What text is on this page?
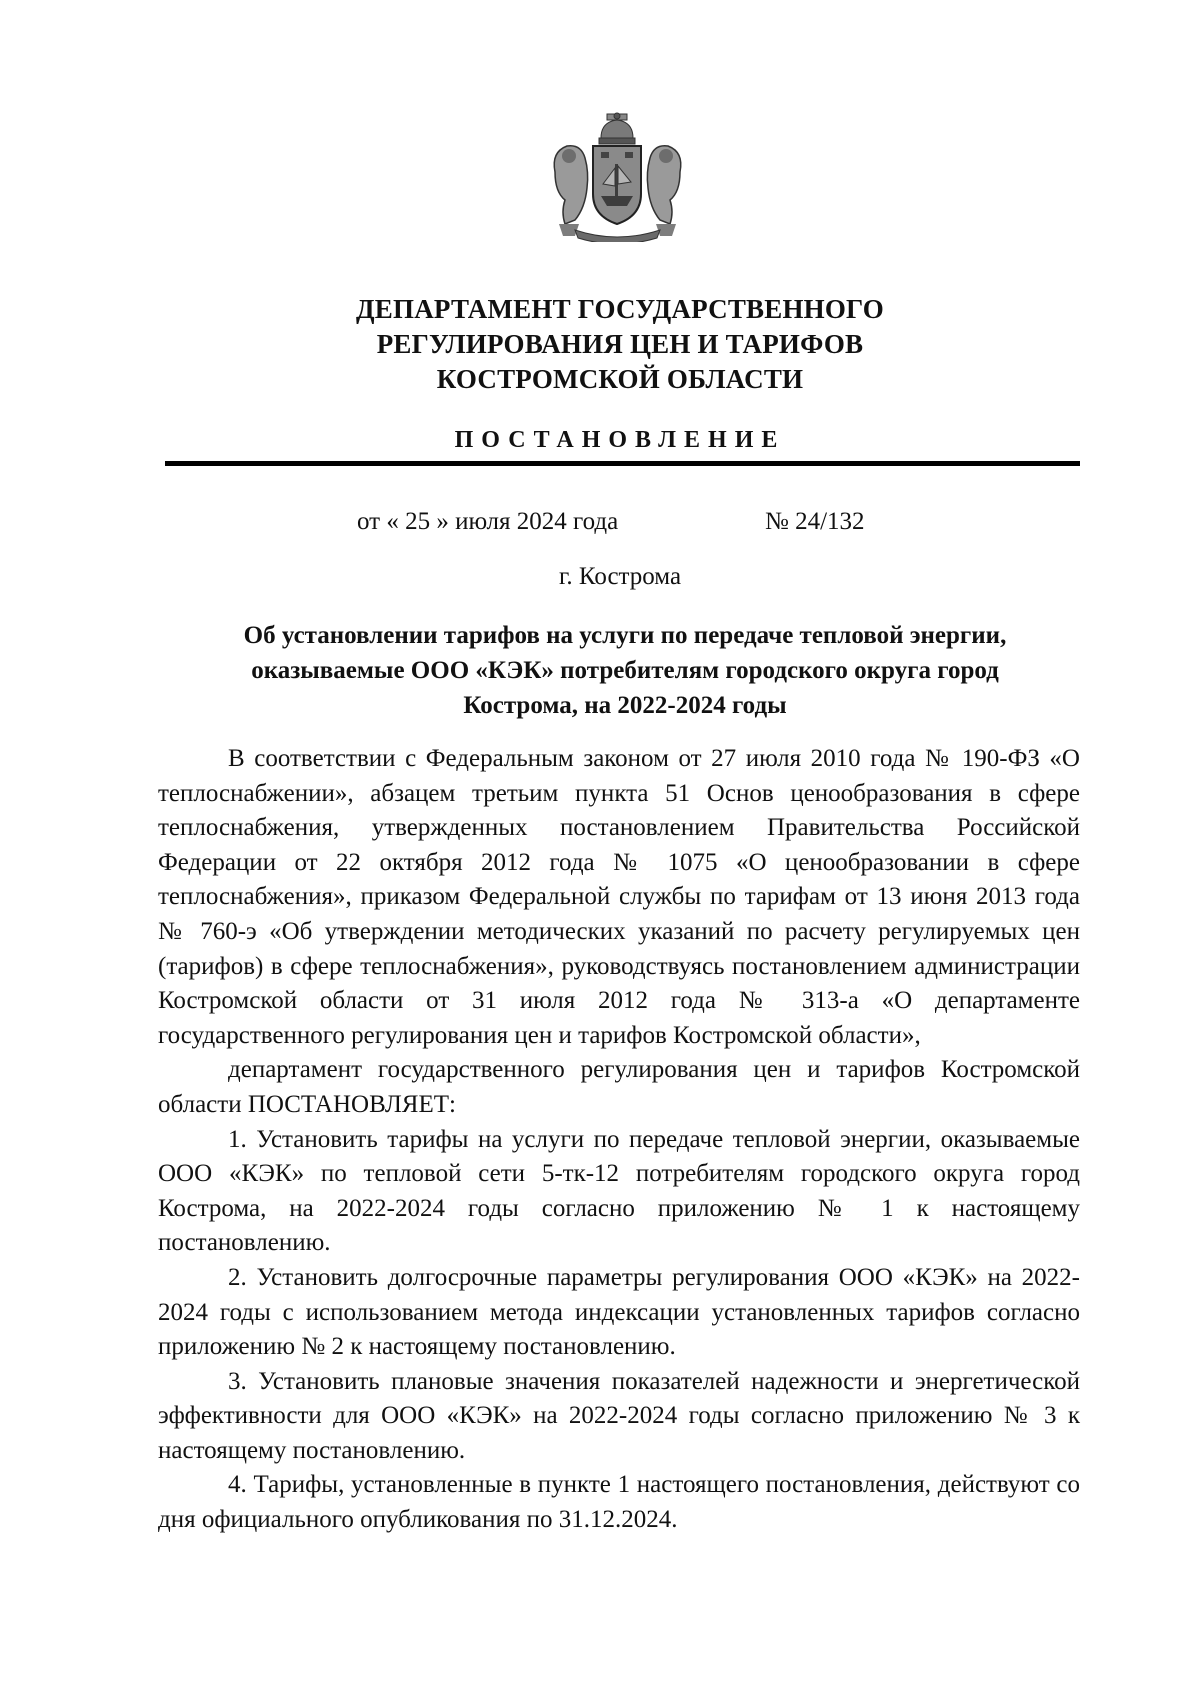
ДЕПАРТАМЕНТ ГОСУДАРСТВЕННОГО
РЕГУЛИРОВАНИЯ ЦЕН И ТАРИФОВ
КОСТРОМСКОЙ ОБЛАСТИ
ПОСТАНОВЛЕНИЕ
от « 25 » июля 2024 года	№ 24/132
г. Кострома
Об установлении тарифов на услуги по передаче тепловой энергии,
оказываемые ООО «КЭК» потребителям городского округа город
Кострома, на 2022-2024 годы

В соответствии с Федеральным законом от 27 июля 2010 года № 190-ФЗ «О теплоснабжении», абзацем третьим пункта 51 Основ ценообразования в сфере теплоснабжения, утвержденных постановлением Правительства Российской Федерации от 22 октября 2012 года № 1075 «О ценообразовании в сфере теплоснабжения», приказом Федеральной службы по тарифам от 13 июня 2013 года № 760-э «Об утверждении методических указаний по расчету регулируемых цен (тарифов) в сфере теплоснабжения», руководствуясь постановлением администрации Костромской области от 31 июля 2012 года № 313-а «О департаменте государственного регулирования цен и тарифов Костромской области»,

департамент государственного регулирования цен и тарифов Костромской области ПОСТАНОВЛЯЕТ:

1. Установить тарифы на услуги по передаче тепловой энергии, оказываемые ООО «КЭК» по тепловой сети 5-тк-12 потребителям городского округа город Кострома, на 2022-2024 годы согласно приложению № 1 к настоящему постановлению.

2. Установить долгосрочные параметры регулирования ООО «КЭК» на 2022-2024 годы с использованием метода индексации установленных тарифов согласно приложению № 2 к настоящему постановлению.

3. Установить плановые значения показателей надежности и энергетической эффективности для ООО «КЭК» на 2022-2024 годы согласно приложению № 3 к настоящему постановлению.

4. Тарифы, установленные в пункте 1 настоящего постановления, действуют со дня официального опубликования по 31.12.2024.
